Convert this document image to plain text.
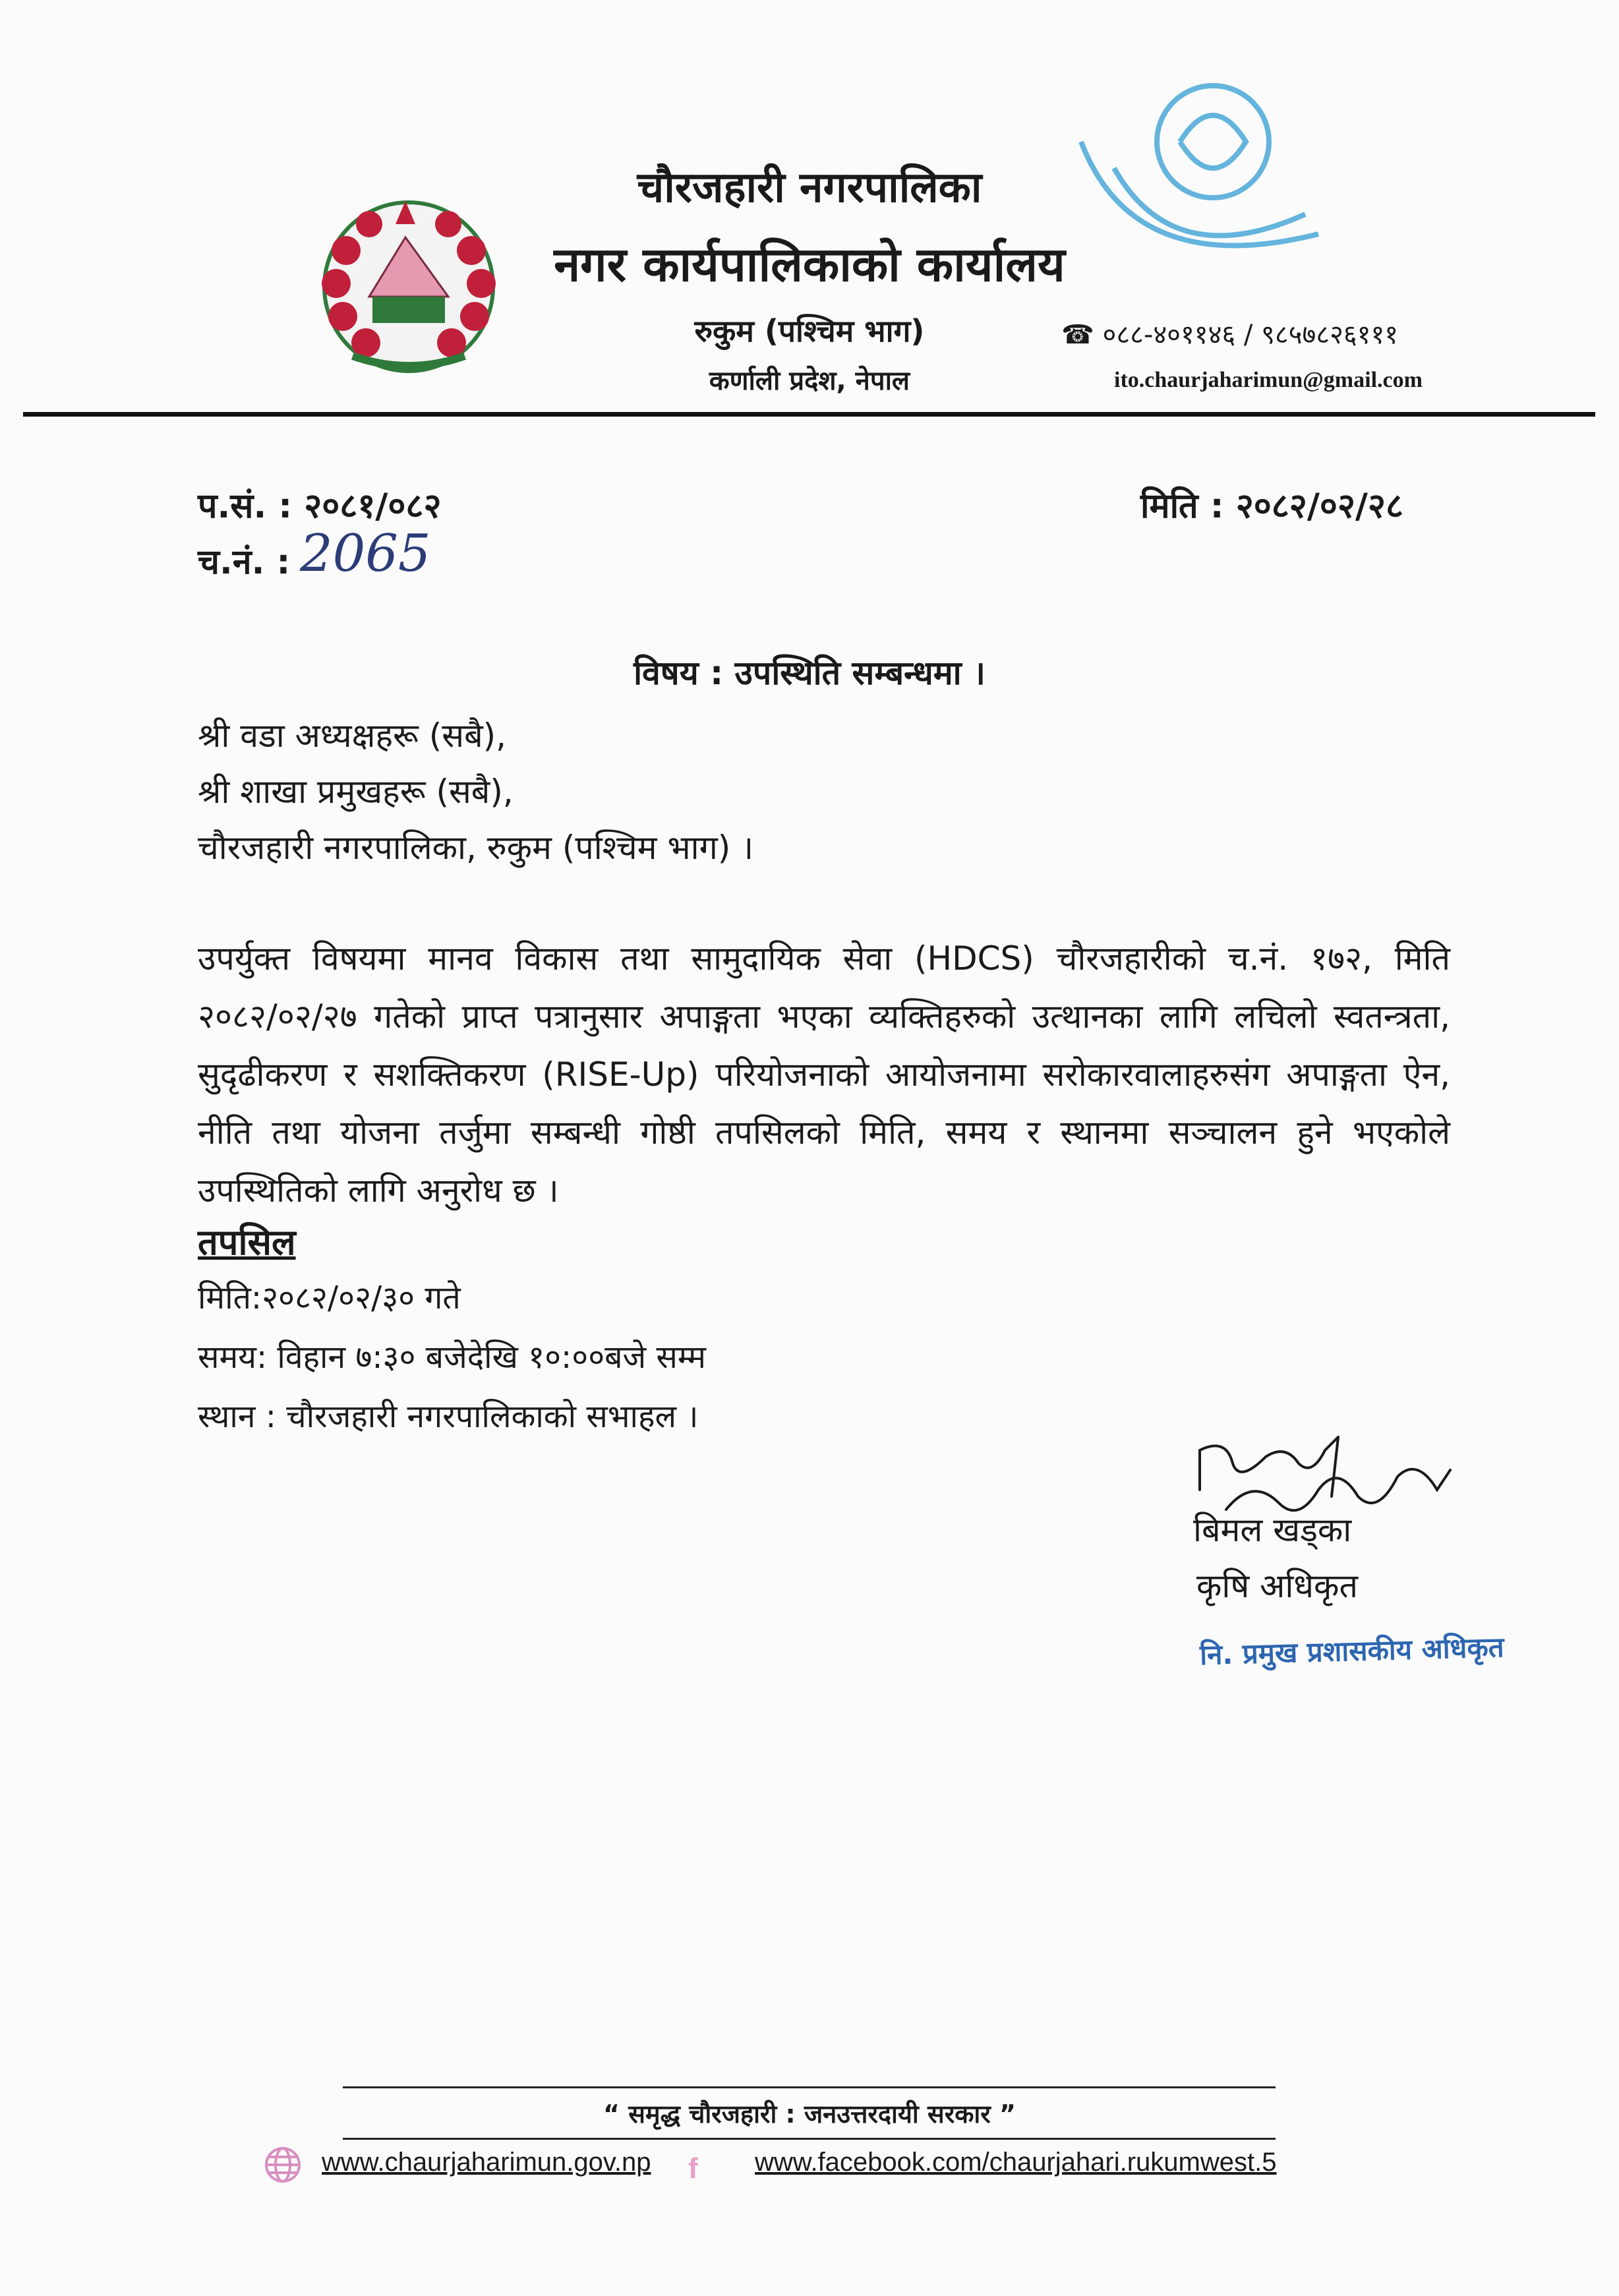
चौरजहारी नगरपालिका
नगर कार्यपालिकाको कार्यालय
रुकुम (पश्चिम भाग)
कर्णाली प्रदेश, नेपाल
☎ ०८८-४०११४६ / ९८५७८२६१११
ito.chaurjaharimun@gmail.com
प.सं. : २०८१/०८२
च.नं. : 2065
मिति : २०८२/०२/२८
विषय : उपस्थिति सम्बन्धमा ।
श्री वडा अध्यक्षहरू (सबै),
श्री शाखा प्रमुखहरू (सबै),
चौरजहारी नगरपालिका, रुकुम (पश्चिम भाग) ।
उपर्युक्त विषयमा मानव विकास तथा सामुदायिक सेवा (HDCS) चौरजहारीको च.नं. १७२, मिति २०८२/०२/२७ गतेको प्राप्त पत्रानुसार अपाङ्गता भएका व्यक्तिहरुको उत्थानका लागि लचिलो स्वतन्त्रता, सुदृढीकरण र सशक्तिकरण (RISE-Up) परियोजनाको आयोजनामा सरोकारवालाहरुसंग अपाङ्गता ऐन, नीति तथा योजना तर्जुमा सम्बन्धी गोष्ठी तपसिलको मिति, समय र स्थानमा सञ्चालन हुने भएकोले उपस्थितिको लागि अनुरोध छ ।
तपसिल
मिति:२०८२/०२/३० गते
समय: विहान ७:३० बजेदेखि १०:००बजे सम्म
स्थान : चौरजहारी नगरपालिकाको सभाहल ।
बिमल खड्का
कृषि अधिकृत
नि. प्रमुख प्रशासकीय अधिकृत
“ समृद्ध चौरजहारी : जनउत्तरदायी सरकार ”
www.chaurjaharimun.gov.np f www.facebook.com/chaurjahari.rukumwest.5
